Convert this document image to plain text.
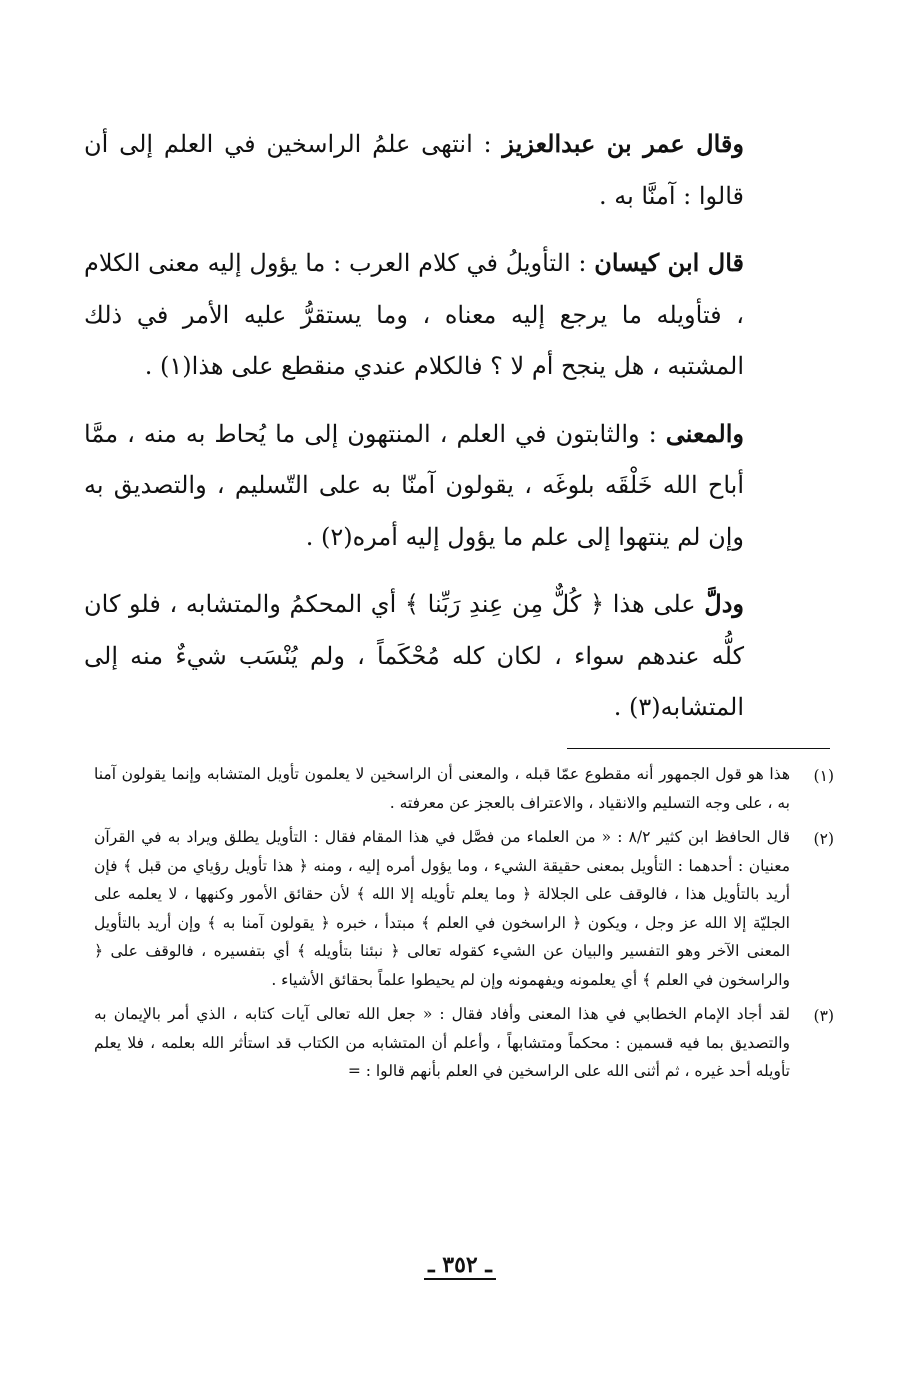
وقال عمر بن عبدالعزيز : انتهى علمُ الراسخين في العلم إلى أن قالوا : آمنَّا به .

قال ابن كيسان : التأويلُ في كلام العرب : ما يؤول إليه معنى الكلام ، فتأويله ما يرجع إليه معناه ، وما يستقرُّ عليه الأمر في ذلك المشتبه ، هل ينجح أم لا ؟ فالكلام عندي منقطع على هذا(١) .

والمعنى : والثابتون في العلم ، المنتهون إلى ما يُحاط به منه ، ممَّا أباح الله خَلْقَه بلوغَه ، يقولون آمنّا به على التّسليم ، والتصديق به وإن لم ينتهوا إلى علم ما يؤول إليه أمره(٢) .

ودلَّ على هذا ﴿ كُلٌّ مِن عِندِ رَبِّنا ﴾ أي المحكمُ والمتشابه ، فلو كان كلُّه عندهم سواء ، لكان كله مُحْكَماً ، ولم يُنْسَب شيءٌ منه إلى المتشابه(٣) .

(١)
هذا هو قول الجمهور أنه مقطوع عمّا قبله ، والمعنى أن الراسخين لا يعلمون تأويل المتشابه وإنما يقولون آمنا به ، على وجه التسليم والانقياد ، والاعتراف بالعجز عن معرفته .
(٢)
قال الحافظ ابن كثير ٨/٢ : « من العلماء من فصَّل في هذا المقام فقال : التأويل يطلق ويراد به في القرآن معنيان : أحدهما : التأويل بمعنى حقيقة الشيء ، وما يؤول أمره إليه ، ومنه ﴿ هذا تأويل رؤياي من قبل ﴾ فإن أريد بالتأويل هذا ، فالوقف على الجلالة ﴿ وما يعلم تأويله إلا الله ﴾ لأن حقائق الأمور وكنهها ، لا يعلمه على الجليّة إلا الله عز وجل ، ويكون ﴿ الراسخون في العلم ﴾ مبتدأ ، خبره ﴿ يقولون آمنا به ﴾ وإن أريد بالتأويل المعنى الآخر وهو التفسير والبيان عن الشيء كقوله تعالى ﴿ نبئنا بتأويله ﴾ أي بتفسيره ، فالوقف على ﴿ والراسخون في العلم ﴾ أي يعلمونه ويفهمونه وإن لم يحيطوا علماً بحقائق الأشياء .
(٣)
لقد أجاد الإمام الخطابي في هذا المعنى وأفاد فقال : « جعل الله تعالى آيات كتابه ، الذي أمر بالإيمان به والتصديق بما فيه قسمين : محكماً ومتشابهاً ، وأعلم أن المتشابه من الكتاب قد استأثر الله بعلمه ، فلا يعلم تأويله أحد غيره ، ثم أثنى الله على الراسخين في العلم بأنهم قالوا : =
ـ ٣٥٢ ـ
